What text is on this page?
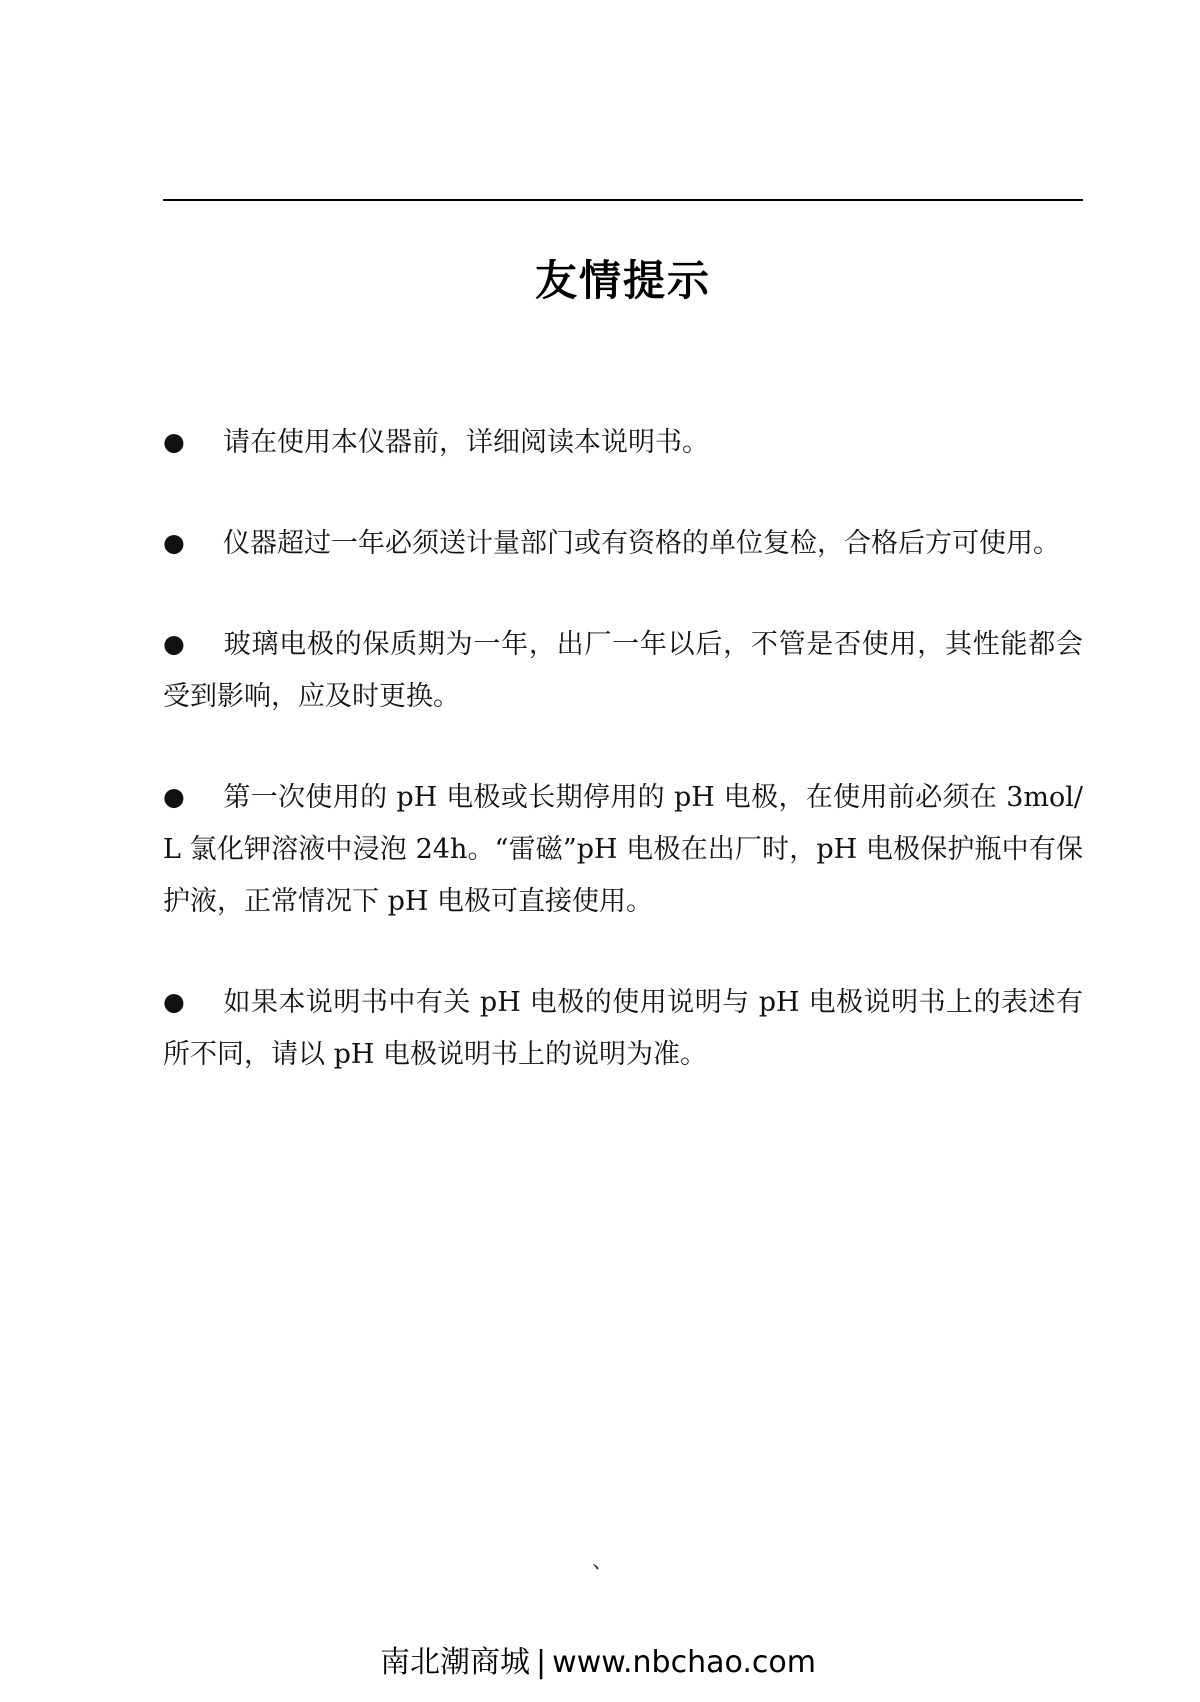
友情提示

● 请在使用本仪器前，详细阅读本说明书。

● 仪器超过一年必须送计量部门或有资格的单位复检，合格后方可使用。

● 玻璃电极的保质期为一年，出厂一年以后，不管是否使用，其性能都会受到影响，应及时更换。

● 第一次使用的 pH 电极或长期停用的 pH 电极，在使用前必须在 3mol/L 氯化钾溶液中浸泡 24h。“雷磁”pH 电极在出厂时，pH 电极保护瓶中有保护液，正常情况下 pH 电极可直接使用。

● 如果本说明书中有关 pH 电极的使用说明与 pH 电极说明书上的表述有所不同，请以 pH 电极说明书上的说明为准。

、
南北潮商城 | www.nbchao.com
